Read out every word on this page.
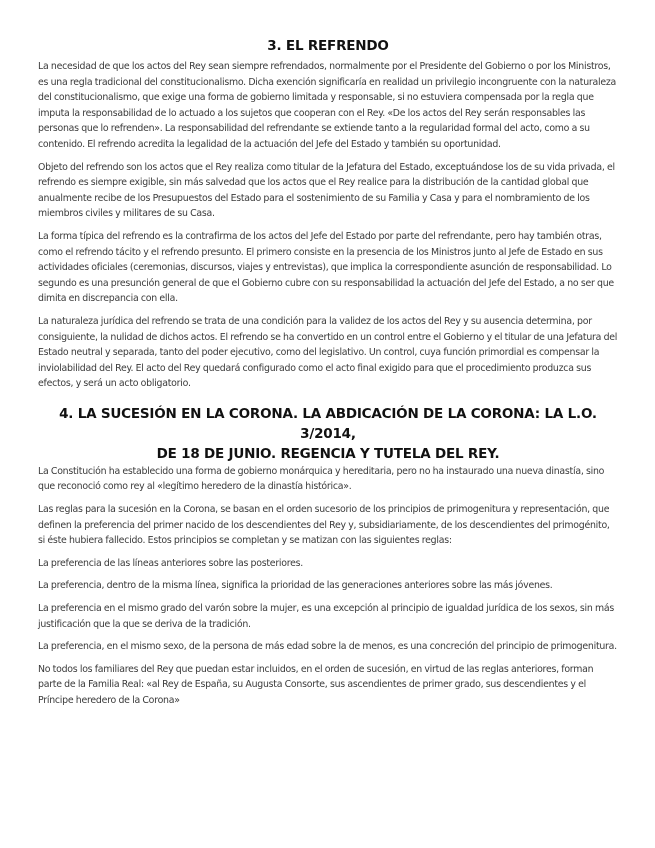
3. EL REFRENDO

La necesidad de que los actos del Rey sean siempre refrendados, normalmente por el Presidente del Gobierno o por los Ministros, es una regla tradicional del constitucionalismo. Dicha exención significaría en realidad un privilegio incongruente con la naturaleza del constitucionalismo, que exige una forma de gobierno limitada y responsable, si no estuviera compensada por la regla que imputa la responsabilidad de lo actuado a los sujetos que cooperan con el Rey. «De los actos del Rey serán responsables las personas que lo refrenden». La responsabilidad del refrendante se extiende tanto a la regularidad formal del acto, como a su contenido. El refrendo acredita la legalidad de la actuación del Jefe del Estado y también su oportunidad.

Objeto del refrendo son los actos que el Rey realiza como titular de la Jefatura del Estado, exceptuándose los de su vida privada, el refrendo es siempre exigible, sin más salvedad que los actos que el Rey realice para la distribución de la cantidad global que anualmente recibe de los Presupuestos del Estado para el sostenimiento de su Familia y Casa y para el nombramiento de los miembros civiles y militares de su Casa.

La forma típica del refrendo es la contrafirma de los actos del Jefe del Estado por parte del refrendante, pero hay también otras, como el refrendo tácito y el refrendo presunto. El primero consiste en la presencia de los Ministros junto al Jefe de Estado en sus actividades oficiales (ceremonias, discursos, viajes y entrevistas), que implica la correspondiente asunción de responsabilidad. Lo segundo es una presunción general de que el Gobierno cubre con su responsabilidad la actuación del Jefe del Estado, a no ser que dimita en discrepancia con ella.

La naturaleza jurídica del refrendo se trata de una condición para la validez de los actos del Rey y su ausencia determina, por consiguiente, la nulidad de dichos actos. El refrendo se ha convertido en un control entre el Gobierno y el titular de una Jefatura del Estado neutral y separada, tanto del poder ejecutivo, como del legislativo. Un control, cuya función primordial es compensar la inviolabilidad del Rey. El acto del Rey quedará configurado como el acto final exigido para que el procedimiento produzca sus efectos, y será un acto obligatorio.

4. LA SUCESIÓN EN LA CORONA. LA ABDICACIÓN DE LA CORONA: LA L.O. 3/2014,
DE 18 DE JUNIO. REGENCIA Y TUTELA DEL REY.

La Constitución ha establecido una forma de gobierno monárquica y hereditaria, pero no ha instaurado una nueva dinastía, sino que reconoció como rey al «legítimo heredero de la dinastía histórica».

Las reglas para la sucesión en la Corona, se basan en el orden sucesorio de los principios de primogenitura y representación, que definen la preferencia del primer nacido de los descendientes del Rey y, subsidiariamente, de los descendientes del primogénito, si éste hubiera fallecido. Estos principios se completan y se matizan con las siguientes reglas:

La preferencia de las líneas anteriores sobre las posteriores.

La preferencia, dentro de la misma línea, significa la prioridad de las generaciones anteriores sobre las más jóvenes.

La preferencia en el mismo grado del varón sobre la mujer, es una excepción al principio de igualdad jurídica de los sexos, sin más justificación que la que se deriva de la tradición.

La preferencia, en el mismo sexo, de la persona de más edad sobre la de menos, es una concreción del principio de primogenitura.

No todos los familiares del Rey que puedan estar incluidos, en el orden de sucesión, en virtud de las reglas anteriores, forman parte de la Familia Real: «al Rey de España, su Augusta Consorte, sus ascendientes de primer grado, sus descendientes y el Príncipe heredero de la Corona»
